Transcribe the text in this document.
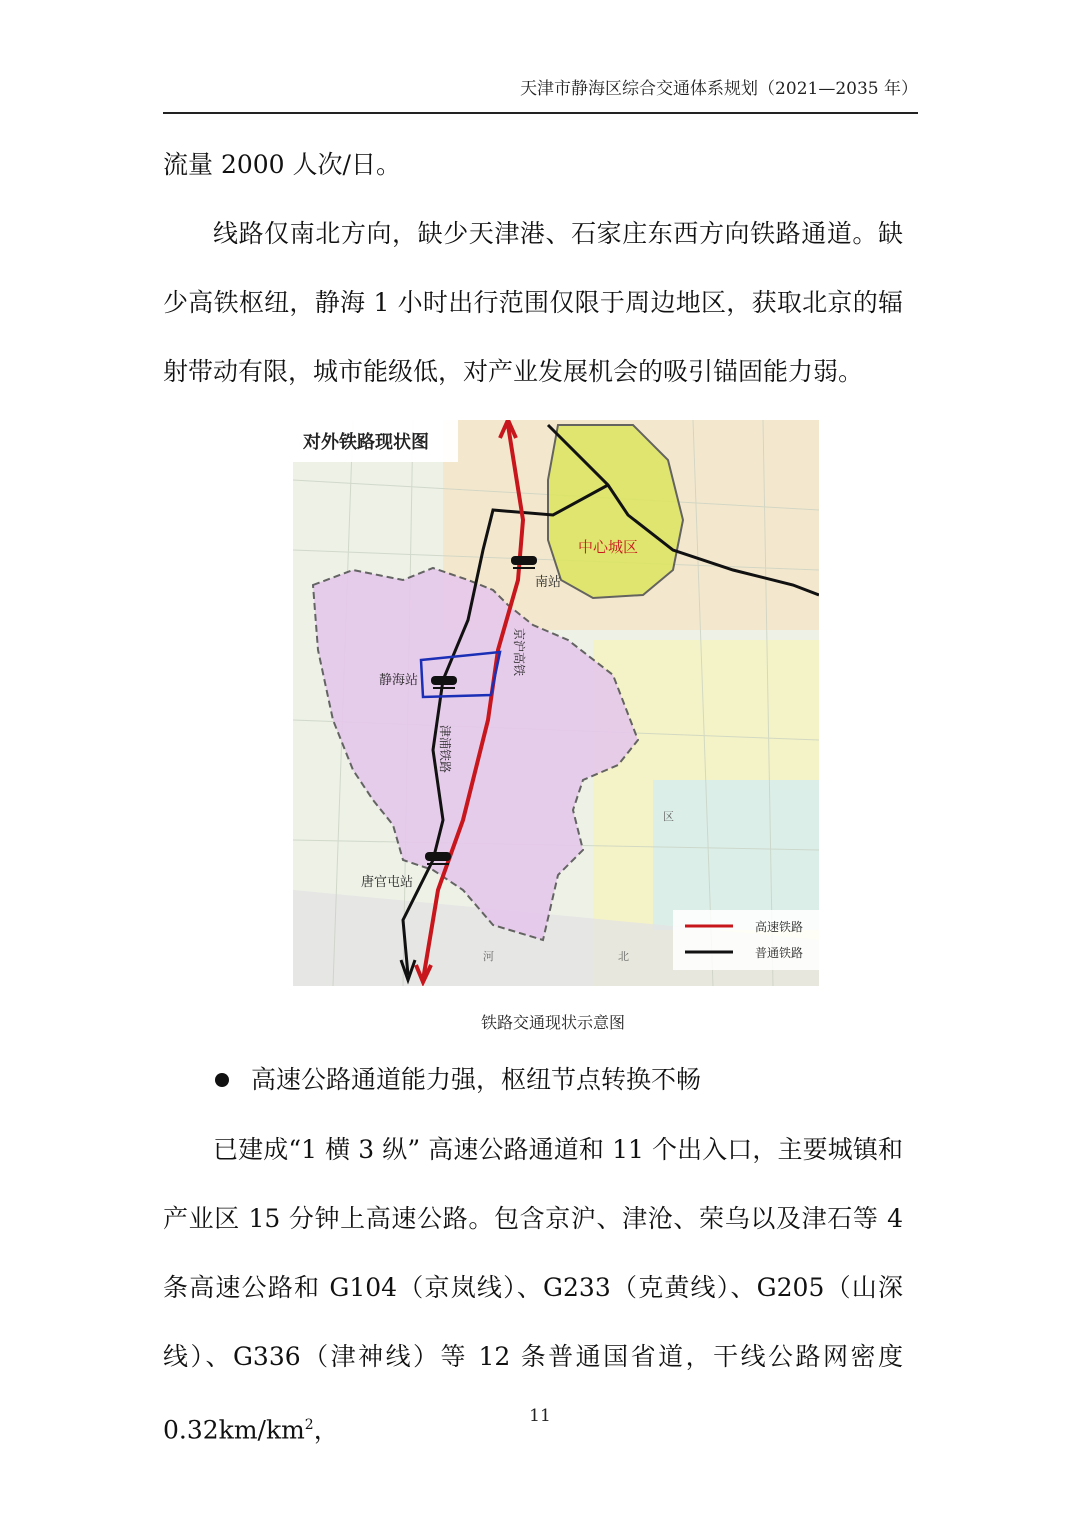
天津市静海区综合交通体系规划（2021—2035 年）

流量 2000 人次/日。

线路仅南北方向，缺少天津港、石家庄东西方向铁路通道。缺少高铁枢纽，静海 1 小时出行范围仅限于周边地区，获取北京的辐射带动有限，城市能级低，对产业发展机会的吸引锚固能力弱。

对外铁路现状图
中心城区
南站
静海站
唐官屯站
京沪高铁
津浦铁路
河	北
区
高速铁路
普通铁路
铁路交通现状示意图
高速公路通道能力强，枢纽节点转换不畅

已建成“1 横 3 纵” 高速公路通道和 11 个出入口，主要城镇和产业区 15 分钟上高速公路。包含京沪、津沧、荣乌以及津石等 4 条高速公路和 G104（京岚线）、G233（克黄线）、G205（山深线）、G336（津神线）等 12 条普通国省道，干线公路网密度 $0.32km/km^2$，	11
